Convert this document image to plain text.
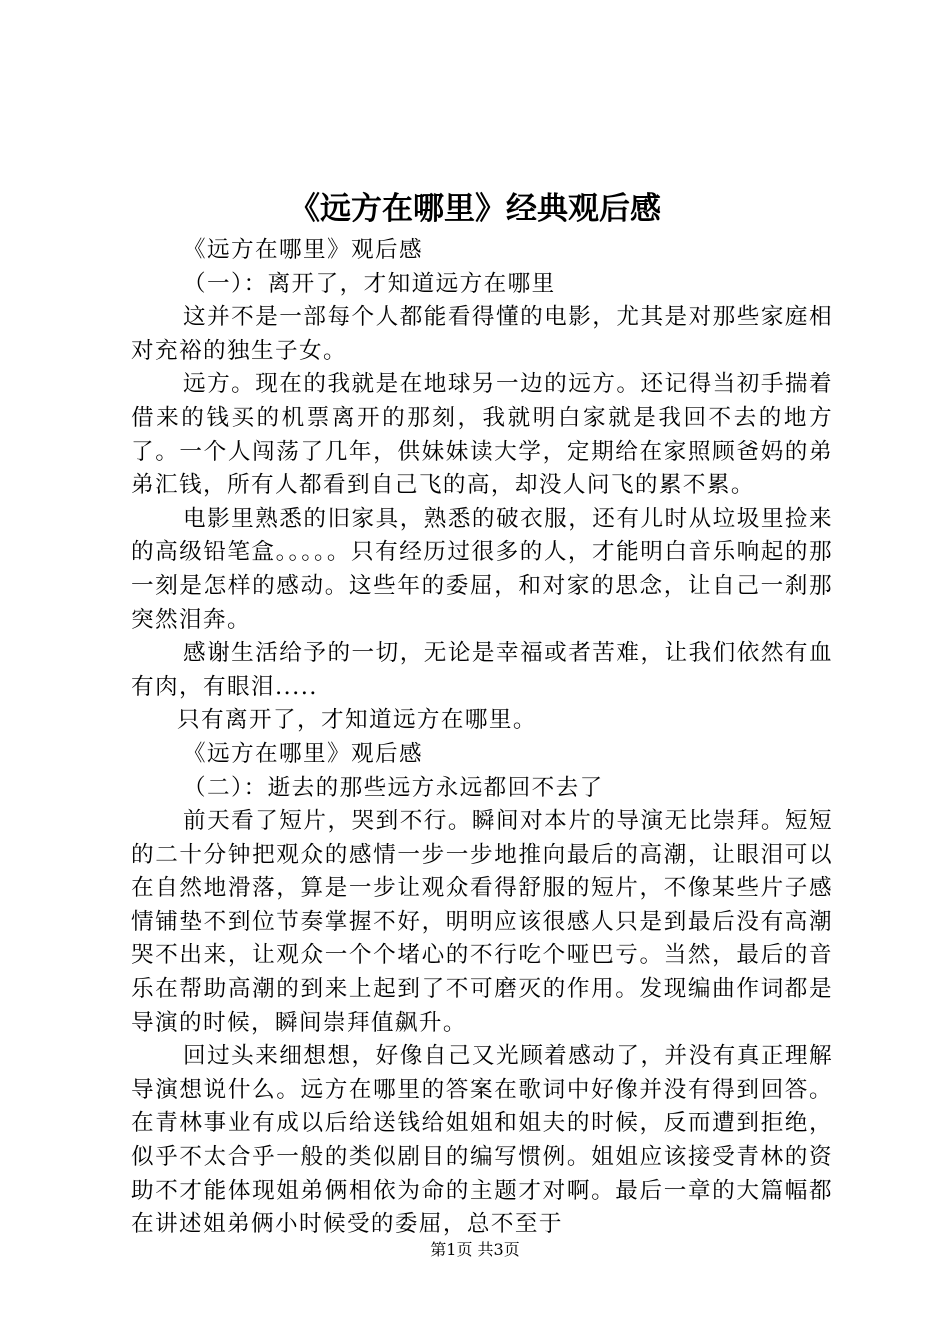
《远方在哪里》经典观后感

《远方在哪里》观后感

（一）：离开了，才知道远方在哪里

这并不是一部每个人都能看得懂的电影，尤其是对那些家庭相对充裕的独生子女。

远方。现在的我就是在地球另一边的远方。还记得当初手揣着借来的钱买的机票离开的那刻，我就明白家就是我回不去的地方了。一个人闯荡了几年，供妹妹读大学，定期给在家照顾爸妈的弟弟汇钱，所有人都看到自己飞的高，却没人问飞的累不累。

电影里熟悉的旧家具，熟悉的破衣服，还有儿时从垃圾里捡来的高级铅笔盒。。。。。只有经历过很多的人，才能明白音乐响起的那一刻是怎样的感动。这些年的委屈，和对家的思念，让自己一刹那突然泪奔。

感谢生活给予的一切，无论是幸福或者苦难，让我们依然有血有肉，有眼泪.....

只有离开了，才知道远方在哪里。

《远方在哪里》观后感

（二）：逝去的那些远方永远都回不去了

前天看了短片，哭到不行。瞬间对本片的导演无比崇拜。短短的二十分钟把观众的感情一步一步地推向最后的高潮，让眼泪可以在自然地滑落，算是一步让观众看得舒服的短片，不像某些片子感情铺垫不到位节奏掌握不好，明明应该很感人只是到最后没有高潮哭不出来，让观众一个个堵心的不行吃个哑巴亏。当然，最后的音乐在帮助高潮的到来上起到了不可磨灭的作用。发现编曲作词都是导演的时候，瞬间崇拜值飙升。

回过头来细想想，好像自己又光顾着感动了，并没有真正理解导演想说什么。远方在哪里的答案在歌词中好像并没有得到回答。在青林事业有成以后给送钱给姐姐和姐夫的时候，反而遭到拒绝，似乎不太合乎一般的类似剧目的编写惯例。姐姐应该接受青林的资助不才能体现姐弟俩相依为命的主题才对啊。最后一章的大篇幅都在讲述姐弟俩小时候受的委屈，总不至于

第1页 共3页
